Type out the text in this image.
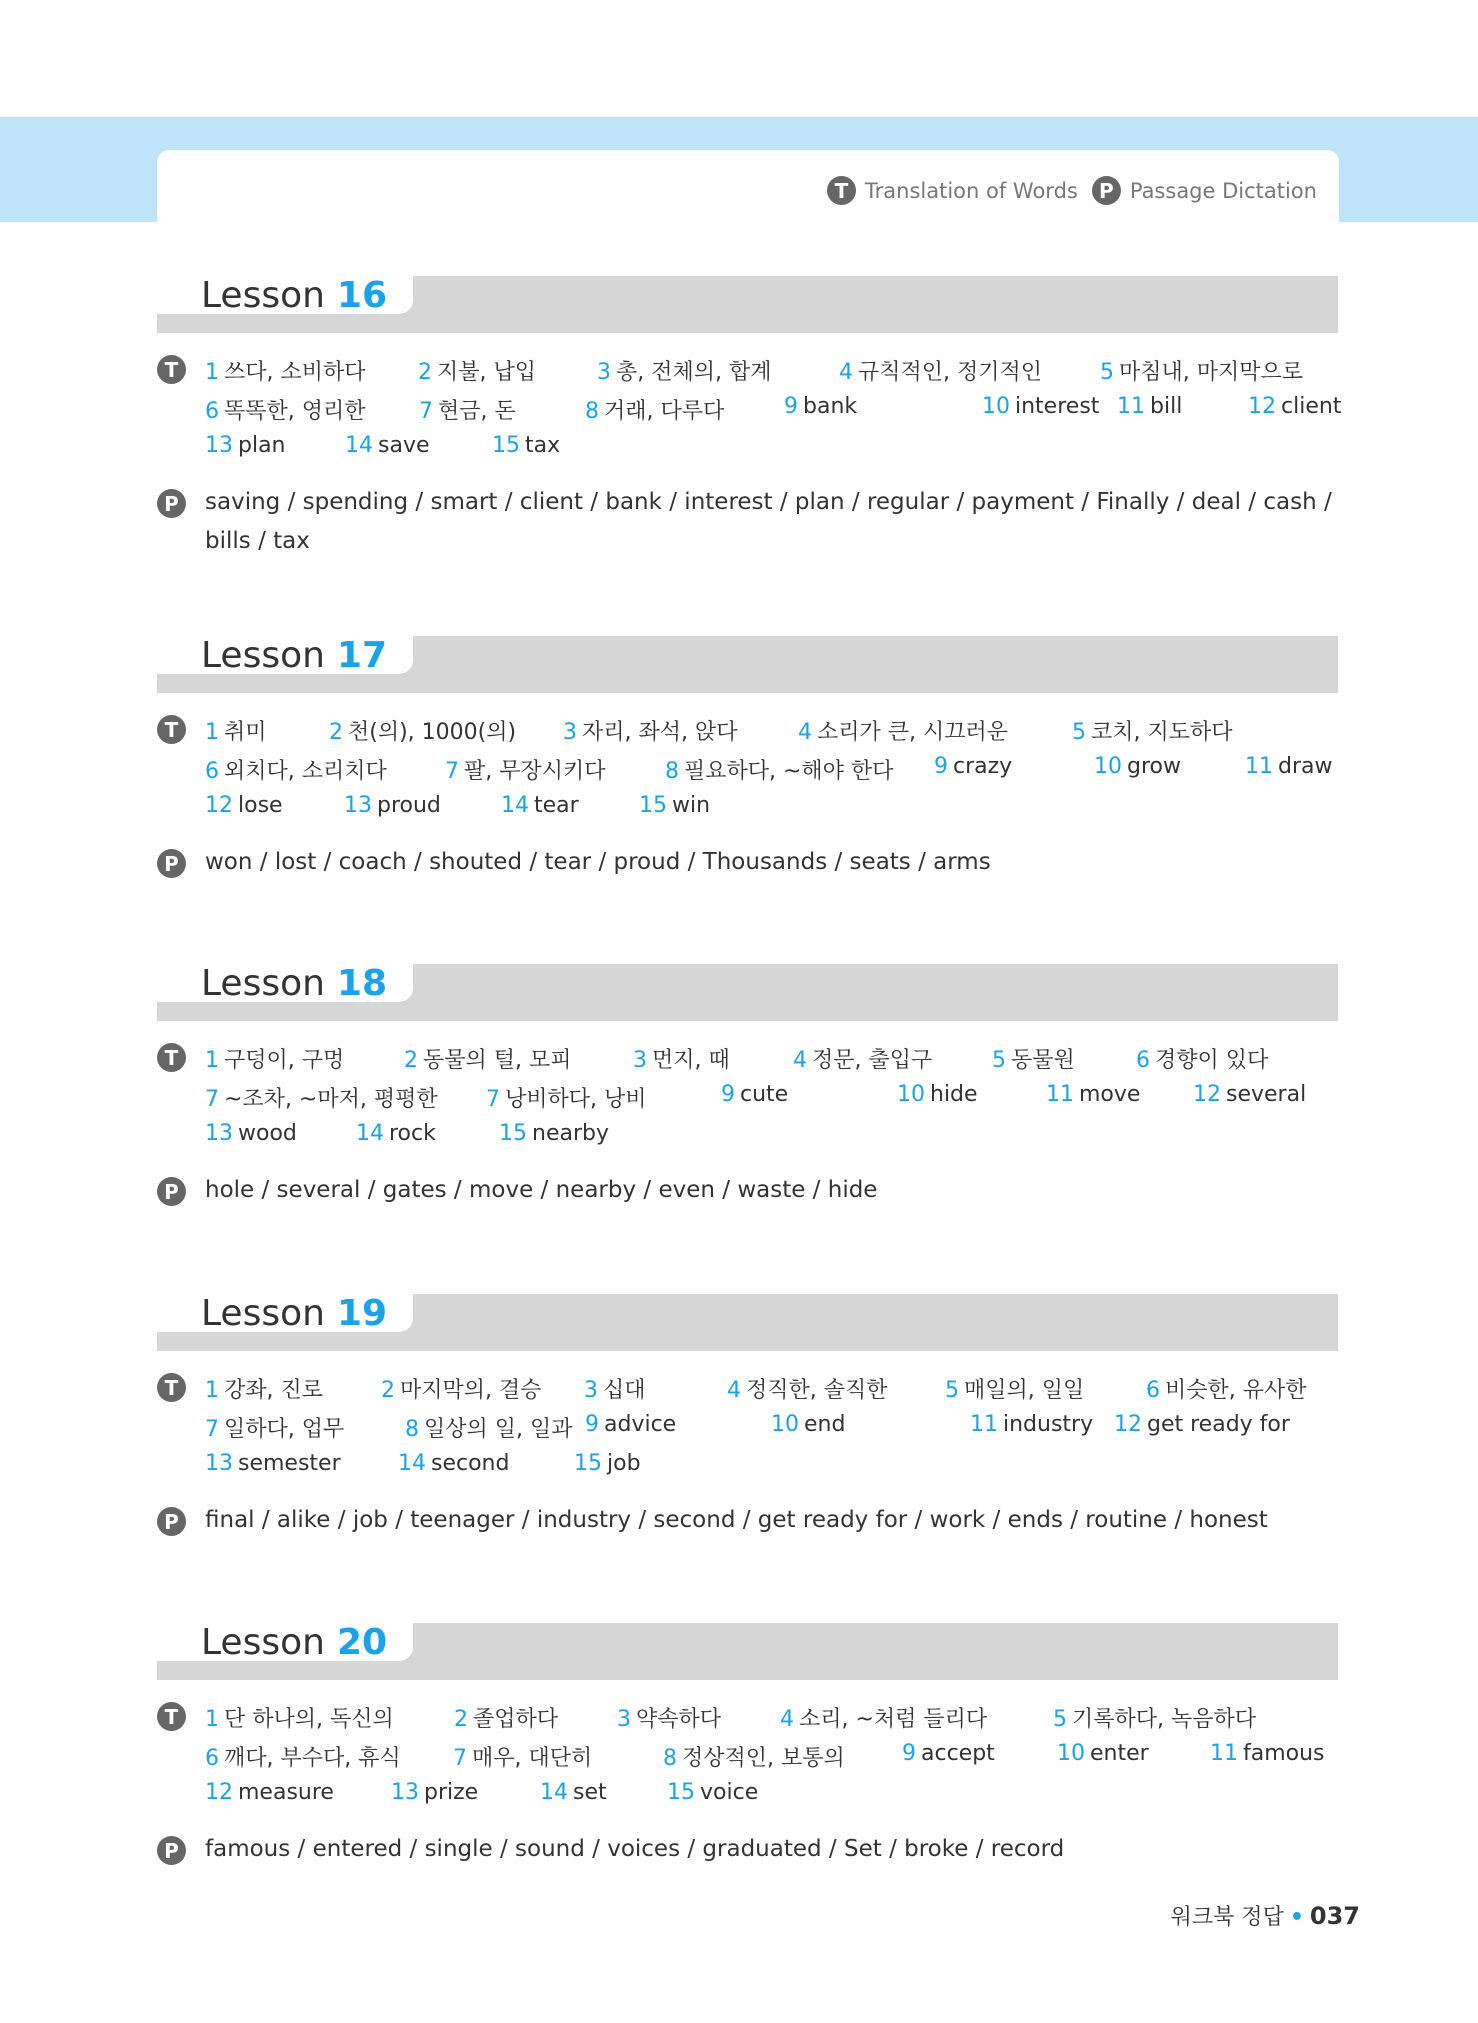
T Translation of Words	P Passage Dictation
Lesson 16
T	1 쓰다, 소비하다 2 지불, 납입	3 총, 전체의, 합계	4 규칙적인, 정기적인	5 마침내, 마지막으로
6 똑똑한, 영리한 7 현금, 돈	8 거래, 다루다	9 bank	10 interest 11 bill	12 client
13 plan	14 save	15 tax
P	saving / spending / smart / client / bank / interest / plan / regular / payment / Finally / deal / cash / bills / tax
Lesson 17
T	1 취미	2 천(의), 1000(의) 3 자리, 좌석, 앉다	4 소리가 큰, 시끄러운	5 코치, 지도하다
6 외치다, 소리치다	7 팔, 무장시키다	8 필요하다, ~해야 한다 9 crazy	10 grow	11 draw
12 lose	13 proud	14 tear	15 win
P	won / lost / coach / shouted / tear / proud / Thousands / seats / arms
Lesson 18
T	1 구덩이, 구멍	2 동물의 털, 모피	3 먼지, 때	4 정문, 출입구	5 동물원	6 경향이 있다
7 ~조차, ~마저, 평평한 7 낭비하다, 낭비	9 cute	10 hide	11 move 12 several
13 wood	14 rock	15 nearby
P	hole / several / gates / move / nearby / even / waste / hide
Lesson 19
T	1 강좌, 진로	2 마지막의, 결승 3 십대	4 정직한, 솔직한	5 매일의, 일일	6 비슷한, 유사한
7 일하다, 업무	8 일상의 일, 일과 9 advice	10 end	11 industry 12 get ready for
13 semester	14 second	15 job
P	final / alike / job / teenager / industry / second / get ready for / work / ends / routine / honest
Lesson 20
T	1 단 하나의, 독신의	2 졸업하다	3 약속하다	4 소리, ~처럼 들리다	5 기록하다, 녹음하다
6 깨다, 부수다, 휴식 7 매우, 대단히	8 정상적인, 보통의	9 accept	10 enter	11 famous
12 measure	13 prize	14 set	15 voice
P	famous / entered / single / sound / voices / graduated / Set / broke / record
워크북 정답 • 037
